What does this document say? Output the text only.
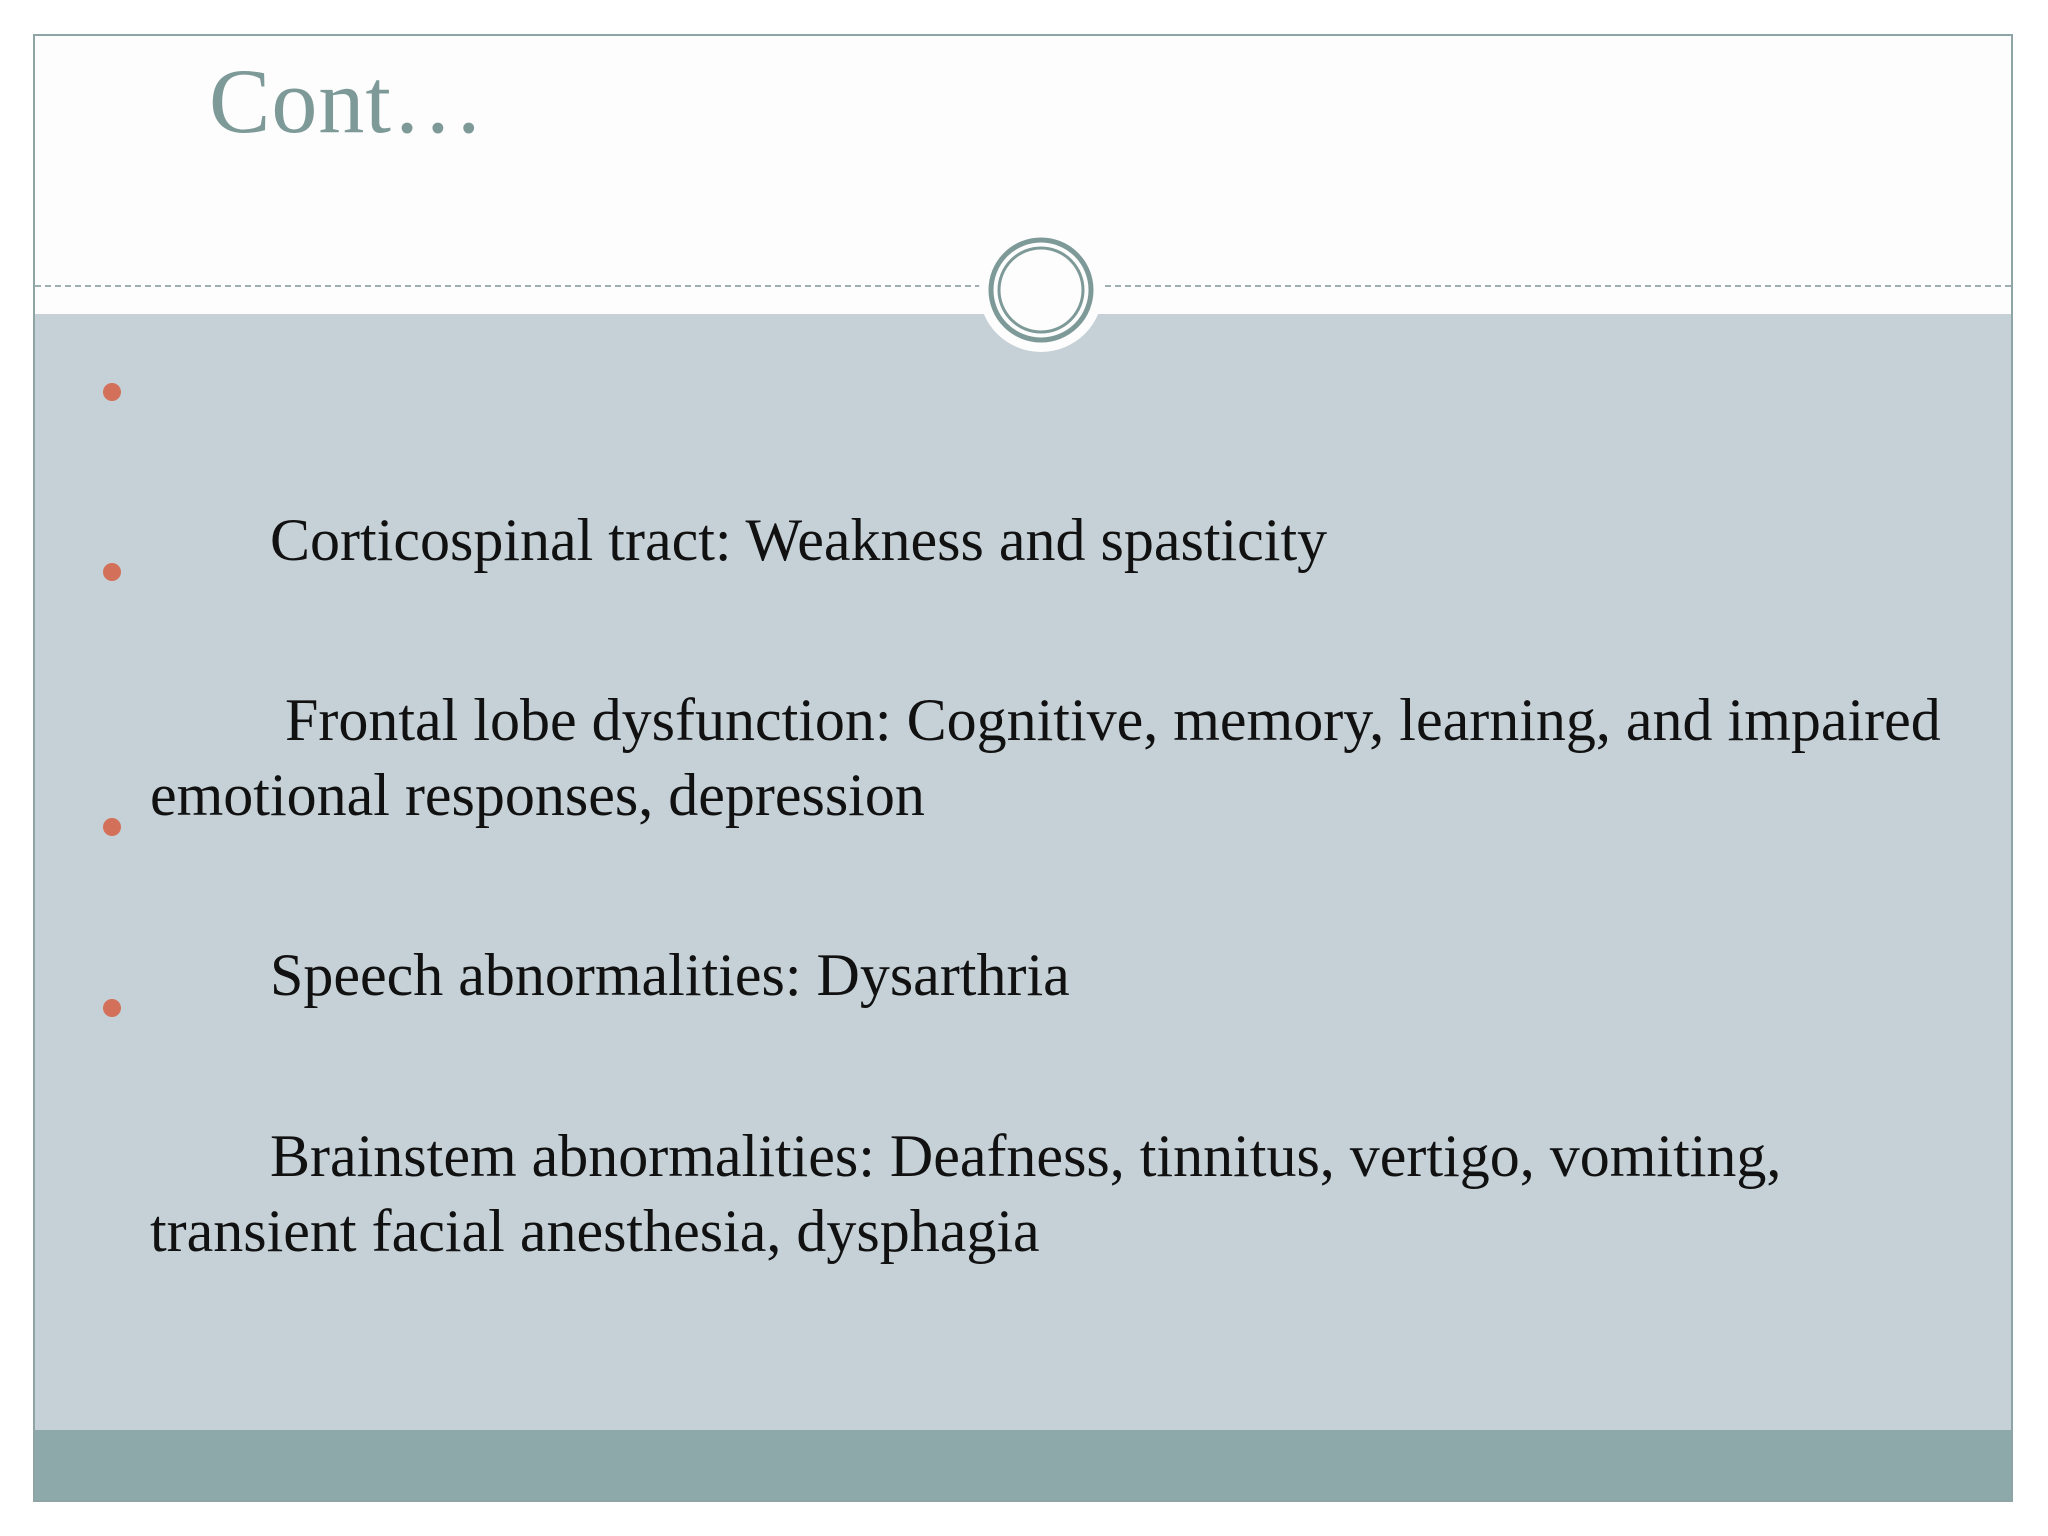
Cont…

Corticospinal tract: Weakness and spasticity

Frontal lobe dysfunction: Cognitive, memory, learning, and impaired emotional responses, depression

Speech abnormalities: Dysarthria

Brainstem abnormalities: Deafness, tinnitus, vertigo, vomiting, transient facial anesthesia, dysphagia
